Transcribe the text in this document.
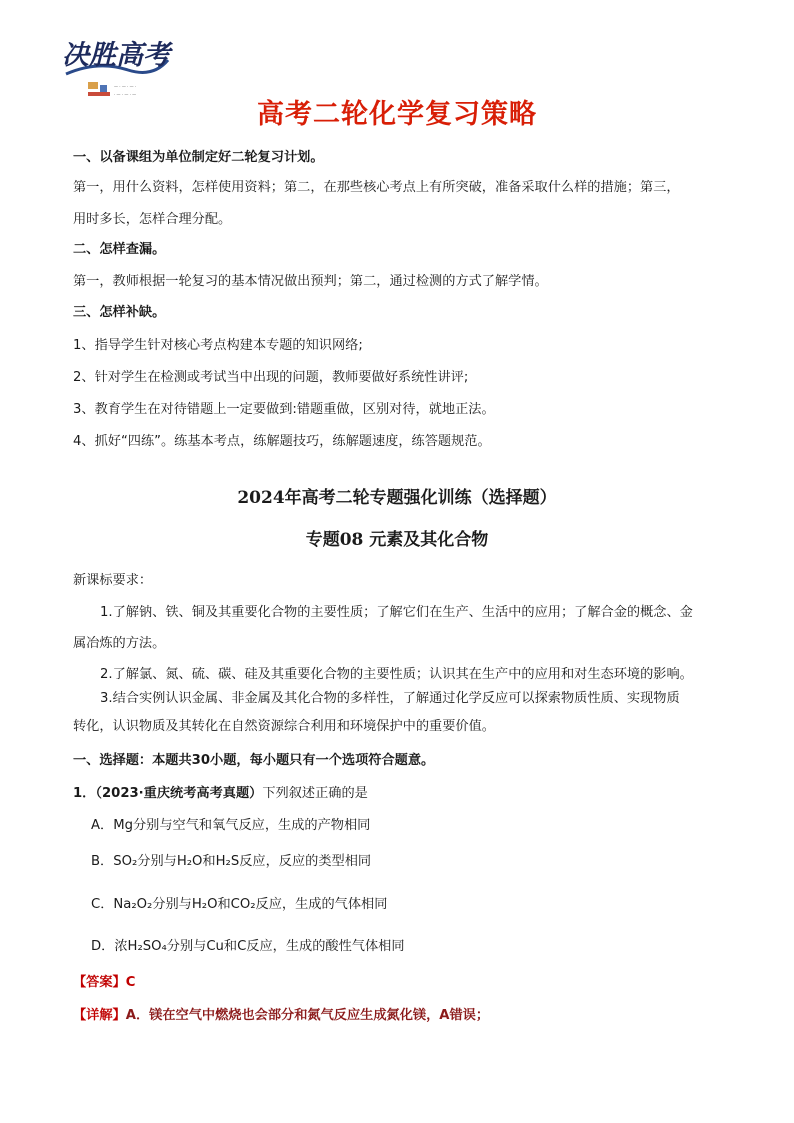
决胜高考
— · — · — ·
· — · — · —
高考二轮化学复习策略
一、以备课组为单位制定好二轮复习计划。
第一，用什么资料，怎样使用资料；第二，在那些核心考点上有所突破，准备采取什么样的措施；第三，
用时多长，怎样合理分配。
二、怎样查漏。
第一，教师根据一轮复习的基本情况做出预判；第二，通过检测的方式了解学情。
三、怎样补缺。
1、指导学生针对核心考点构建本专题的知识网络;
2、针对学生在检测或考试当中出现的问题，教师要做好系统性讲评;
3、教育学生在对待错题上一定要做到:错题重做，区别对待，就地正法。
4、抓好“四练”。练基本考点，练解题技巧，练解题速度，练答题规范。
2024年高考二轮专题强化训练（选择题）
专题08 元素及其化合物
新课标要求：
1.了解钠、铁、铜及其重要化合物的主要性质；了解它们在生产、生活中的应用；了解合金的概念、金
属冶炼的方法。
2.了解氯、氮、硫、碳、硅及其重要化合物的主要性质；认识其在生产中的应用和对生态环境的影响。
3.结合实例认识金属、非金属及其化合物的多样性，了解通过化学反应可以探索物质性质、实现物质
转化，认识物质及其转化在自然资源综合利用和环境保护中的重要价值。
一、选择题：本题共30小题，每小题只有一个选项符合题意。
1．（2023·重庆统考高考真题）下列叙述正确的是
A．Mg分别与空气和氧气反应，生成的产物相同
B．SO₂分别与H₂O和H₂S反应，反应的类型相同
C．Na₂O₂分别与H₂O和CO₂反应，生成的气体相同
D．浓H₂SO₄分别与Cu和C反应，生成的酸性气体相同
【答案】C
【详解】A．镁在空气中燃烧也会部分和氮气反应生成氮化镁，A错误；
